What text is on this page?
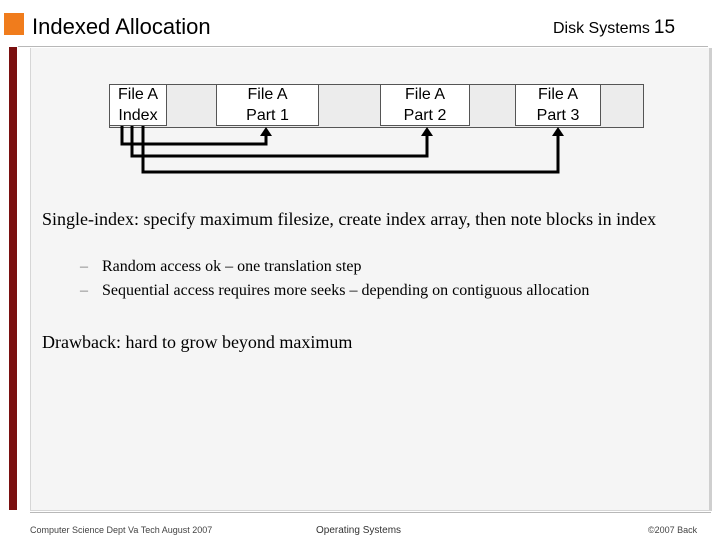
Indexed Allocation	Disk Systems 15
File A
Index
File A
Part 1
File A
Part 2
File A
Part 3
Single-index: specify maximum filesize, create index array, then note blocks in index
– Random access ok – one translation step
– Sequential access requires more seeks – depending on contiguous allocation
Drawback: hard to grow beyond maximum
Computer Science Dept Va Tech August 2007	Operating Systems	©2007 Back
